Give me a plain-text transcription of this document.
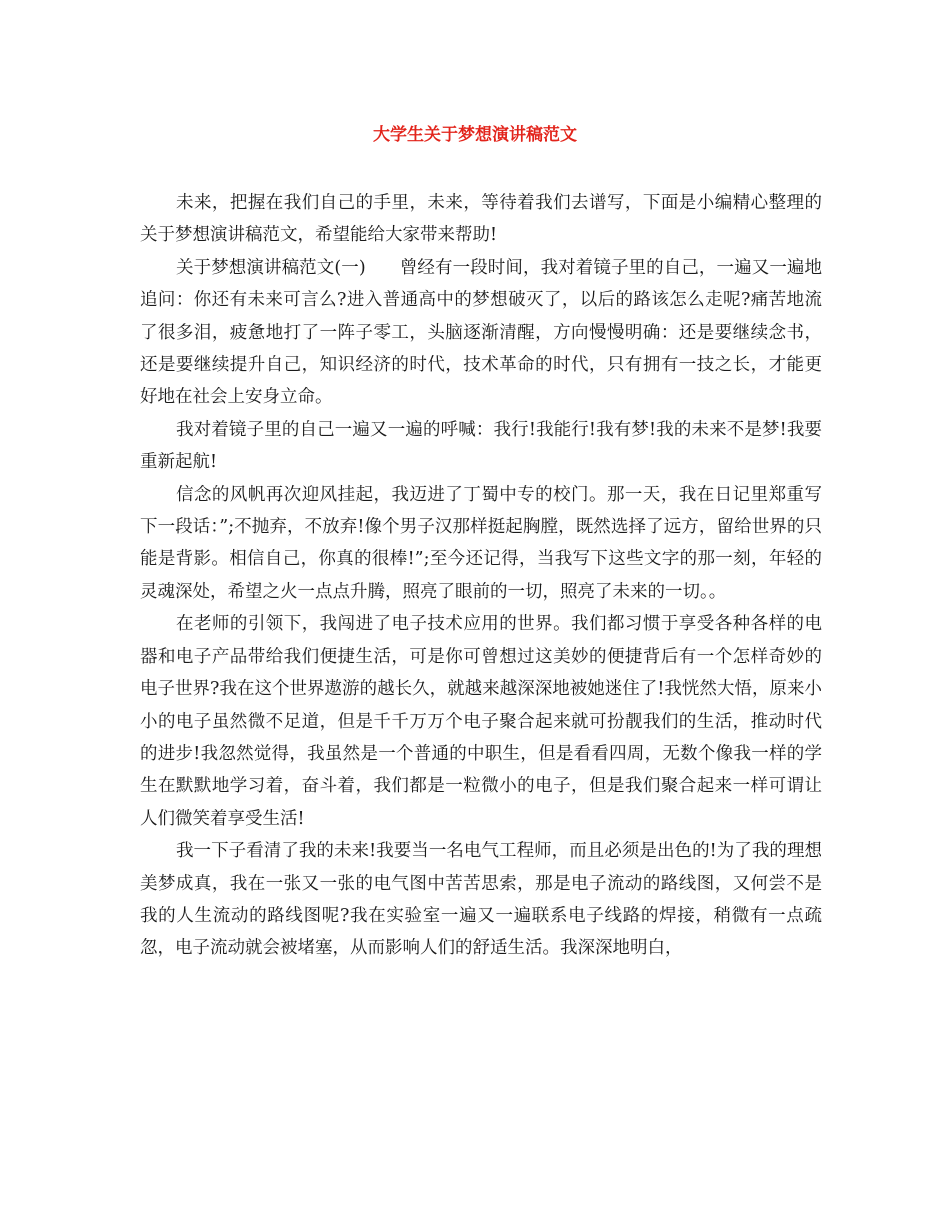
大学生关于梦想演讲稿范文

未来，把握在我们自己的手里，未来，等待着我们去谱写，下面是小编精心整理的关于梦想演讲稿范文，希望能给大家带来帮助!

关于梦想演讲稿范文(一) 曾经有一段时间，我对着镜子里的自己，一遍又一遍地追问：你还有未来可言么?进入普通高中的梦想破灭了，以后的路该怎么走呢?痛苦地流了很多泪，疲惫地打了一阵子零工，头脑逐渐清醒，方向慢慢明确：还是要继续念书，还是要继续提升自己，知识经济的时代，技术革命的时代，只有拥有一技之长，才能更好地在社会上安身立命。

我对着镜子里的自己一遍又一遍的呼喊：我行!我能行!我有梦!我的未来不是梦!我要重新起航!

信念的风帆再次迎风挂起，我迈进了丁蜀中专的校门。那一天，我在日记里郑重写下一段话：”;不抛弃，不放弃!像个男子汉那样挺起胸膛，既然选择了远方，留给世界的只能是背影。相信自己，你真的很棒!”;至今还记得，当我写下这些文字的那一刻，年轻的灵魂深处，希望之火一点点升腾，照亮了眼前的一切，照亮了未来的一切。。

在老师的引领下，我闯进了电子技术应用的世界。我们都习惯于享受各种各样的电器和电子产品带给我们便捷生活，可是你可曾想过这美妙的便捷背后有一个怎样奇妙的电子世界?我在这个世界遨游的越长久，就越来越深深地被她迷住了!我恍然大悟，原来小小的电子虽然微不足道，但是千千万万个电子聚合起来就可扮靓我们的生活，推动时代的进步!我忽然觉得，我虽然是一个普通的中职生，但是看看四周，无数个像我一样的学生在默默地学习着，奋斗着，我们都是一粒微小的电子，但是我们聚合起来一样可谓让人们微笑着享受生活!

我一下子看清了我的未来!我要当一名电气工程师，而且必须是出色的!为了我的理想美梦成真，我在一张又一张的电气图中苦苦思索，那是电子流动的路线图，又何尝不是我的人生流动的路线图呢?我在实验室一遍又一遍联系电子线路的焊接，稍微有一点疏忽，电子流动就会被堵塞，从而影响人们的舒适生活。我深深地明白，
